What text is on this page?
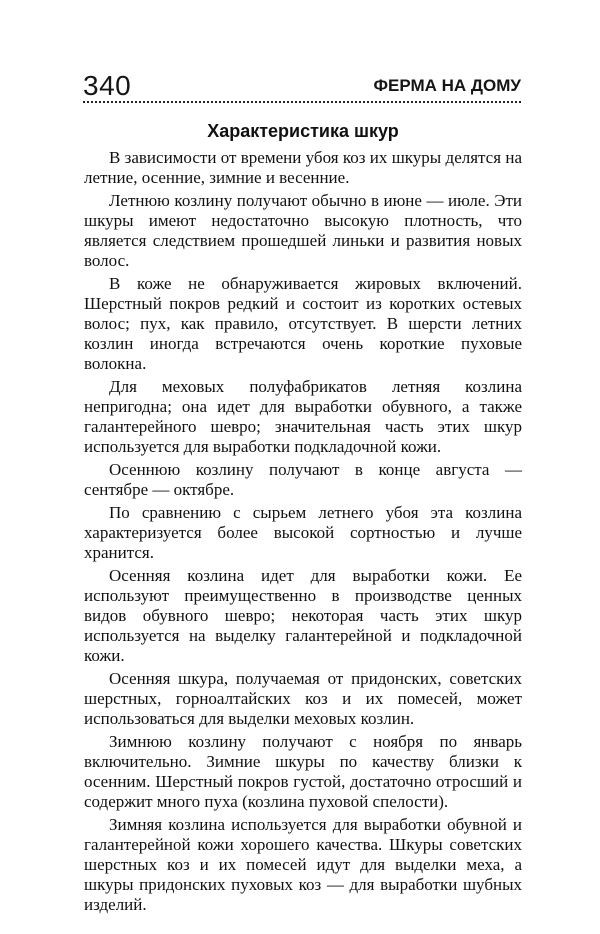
340	ФЕРМА НА ДОМУ
Характеристика шкур

В зависимости от времени убоя коз их шкуры делятся на летние, осенние, зимние и весенние.

Летнюю козлину получают обычно в июне — июле. Эти шкуры имеют недостаточно высокую плотность, что является следствием прошедшей линьки и развития новых волос.

В коже не обнаруживается жировых включений. Шерстный покров редкий и состоит из коротких остевых волос; пух, как правило, отсутствует. В шерсти летних козлин иногда встречаются очень короткие пуховые волокна.

Для меховых полуфабрикатов летняя козлина непригодна; она идет для выработки обувного, а также галантерейного шевро; значительная часть этих шкур используется для выработки подкладочной кожи.

Осеннюю козлину получают в конце августа — сентябре — октябре.

По сравнению с сырьем летнего убоя эта козлина характеризуется более высокой сортностью и лучше хранится.

Осенняя козлина идет для выработки кожи. Ее используют преимущественно в производстве ценных видов обувного шевро; некоторая часть этих шкур используется на выделку галантерейной и подкладочной кожи.

Осенняя шкура, получаемая от придонских, советских шерстных, горноалтайских коз и их помесей, может использоваться для выделки меховых козлин.

Зимнюю козлину получают с ноября по январь включительно. Зимние шкуры по качеству близки к осенним. Шерстный покров густой, достаточно отросший и содержит много пуха (козлина пуховой спелости).

Зимняя козлина используется для выработки обувной и галантерейной кожи хорошего качества. Шкуры советских шерстных коз и их помесей идут для выделки меха, а шкуры придонских пуховых коз — для выработки шубных изделий.
